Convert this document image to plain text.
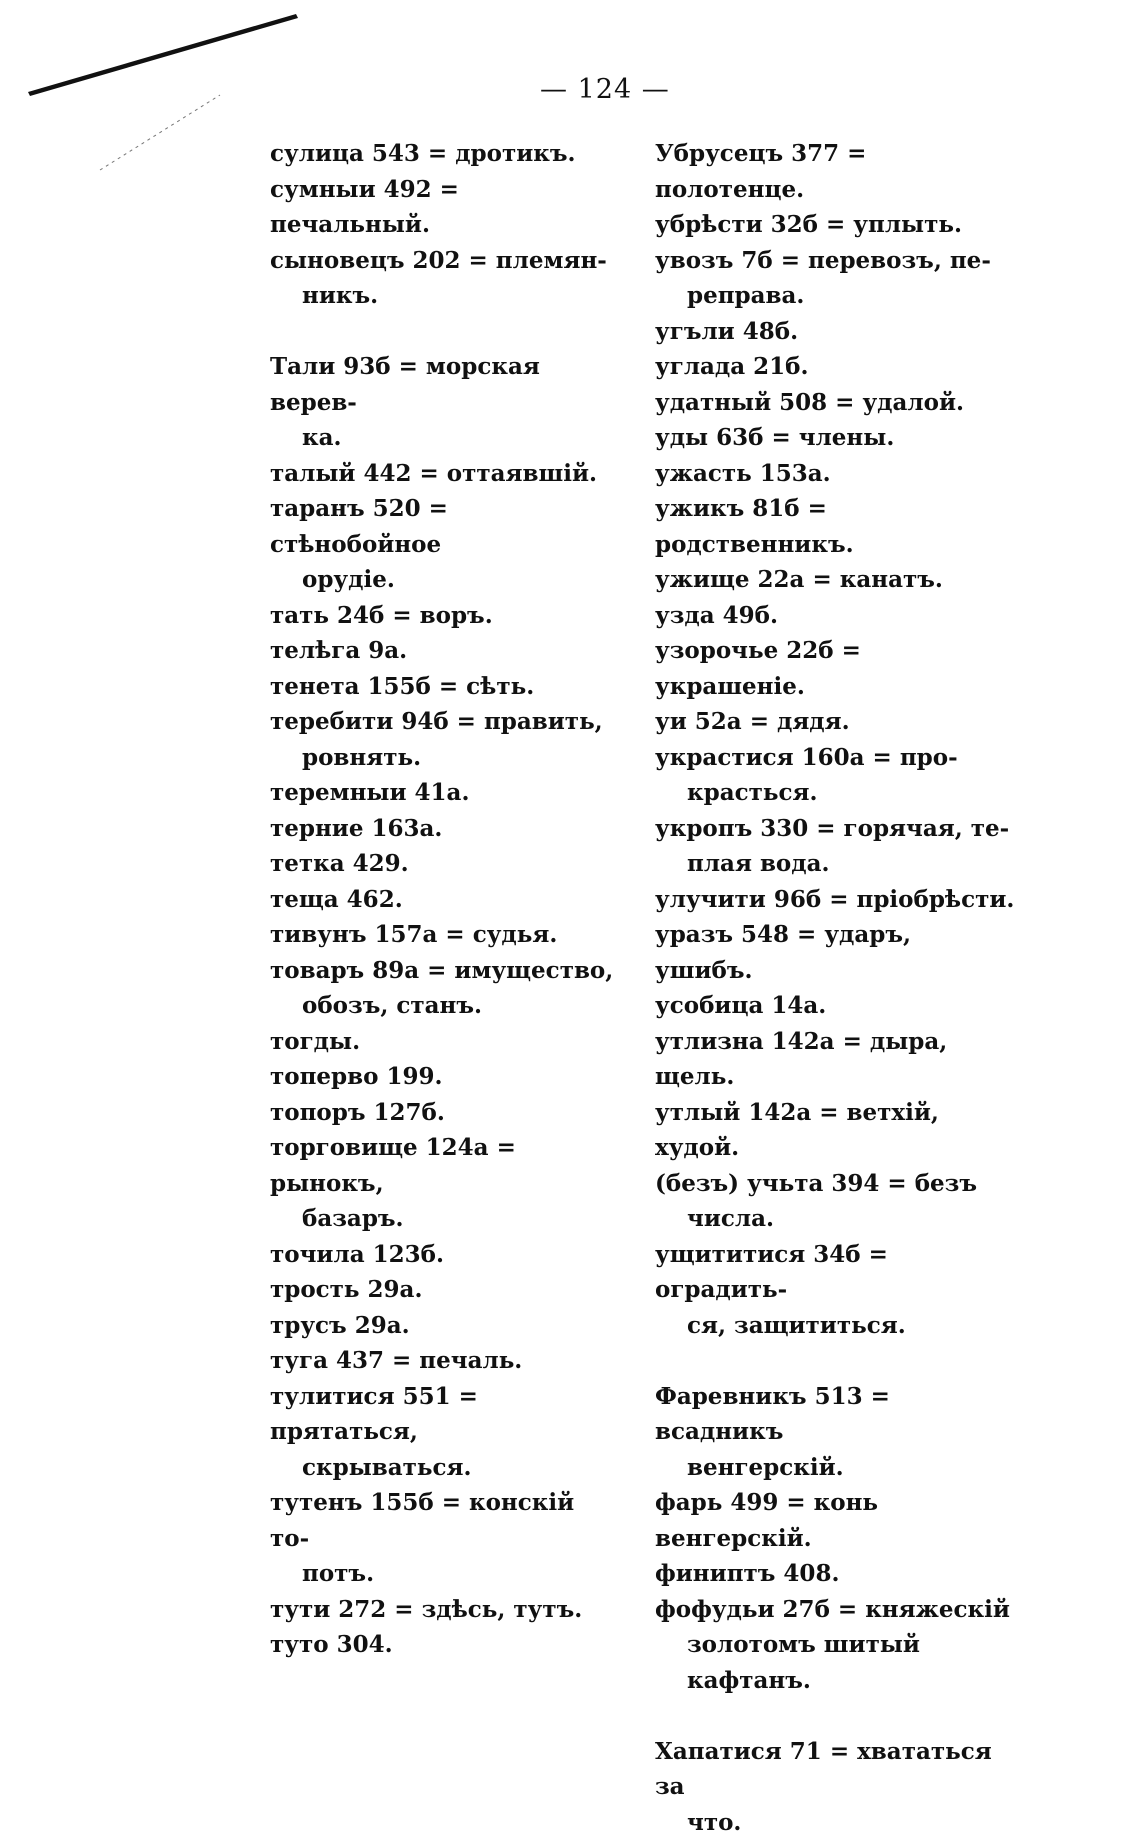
— 124 —
сулица 543 = дротикъ.
сумныи 492 = печальный.
сыновецъ 202 = племян-

никъ.
Тали 93б = морская верев-

ка.
талый 442 = оттаявшій.
таранъ 520 = стѣнобойное

орудіе.
тать 24б = воръ.
телѣга 9а.
тенета 155б = сѣть.
теребити 94б = править,

ровнять.
теремныи 41а.
терние 163а.
тетка 429.
теща 462.
тивунъ 157а = судья.
товаръ 89а = имущество,

обозъ, станъ.
тогды.
топерво 199.
топоръ 127б.
торговище 124а = рынокъ,

базаръ.
точила 123б.
трость 29а.
трусъ 29а.
туга 437 = печаль.
тулитися 551 = прятаться,

скрываться.
тутенъ 155б = конскій то-

потъ.
тути 272 = здѣсь, тутъ.
туто 304.
Убрусецъ 377 = полотенце.
убрѣсти 32б = уплыть.
увозъ 7б = перевозъ, пе-

реправа.
угъли 48б.
углада 21б.
удатный 508 = удалой.
уды 63б = члены.
ужасть 153а.
ужикъ 81б = родственникъ.
ужище 22а = канатъ.
узда 49б.
узорочье 22б = украшеніе.
уи 52а = дядя.
украстися 160а = про-

красться.
укропъ 330 = горячая, те-

плая вода.
улучити 96б = пріобрѣсти.
уразъ 548 = ударъ, ушибъ.
усобица 14а.
утлизна 142а = дыра, щель.
утлый 142а = ветхій, худой.
(безъ) учьта 394 = безъ

числа.
ущититися 34б = оградить-

ся, защититься.
Фаревникъ 513 = всадникъ

венгерскій.
фарь 499 = конь венгерскій.
финиптъ 408.
фофудьи 27б = княжескій

золотомъ шитый кафтанъ.
Хапатися 71 = хвататься за

что.
